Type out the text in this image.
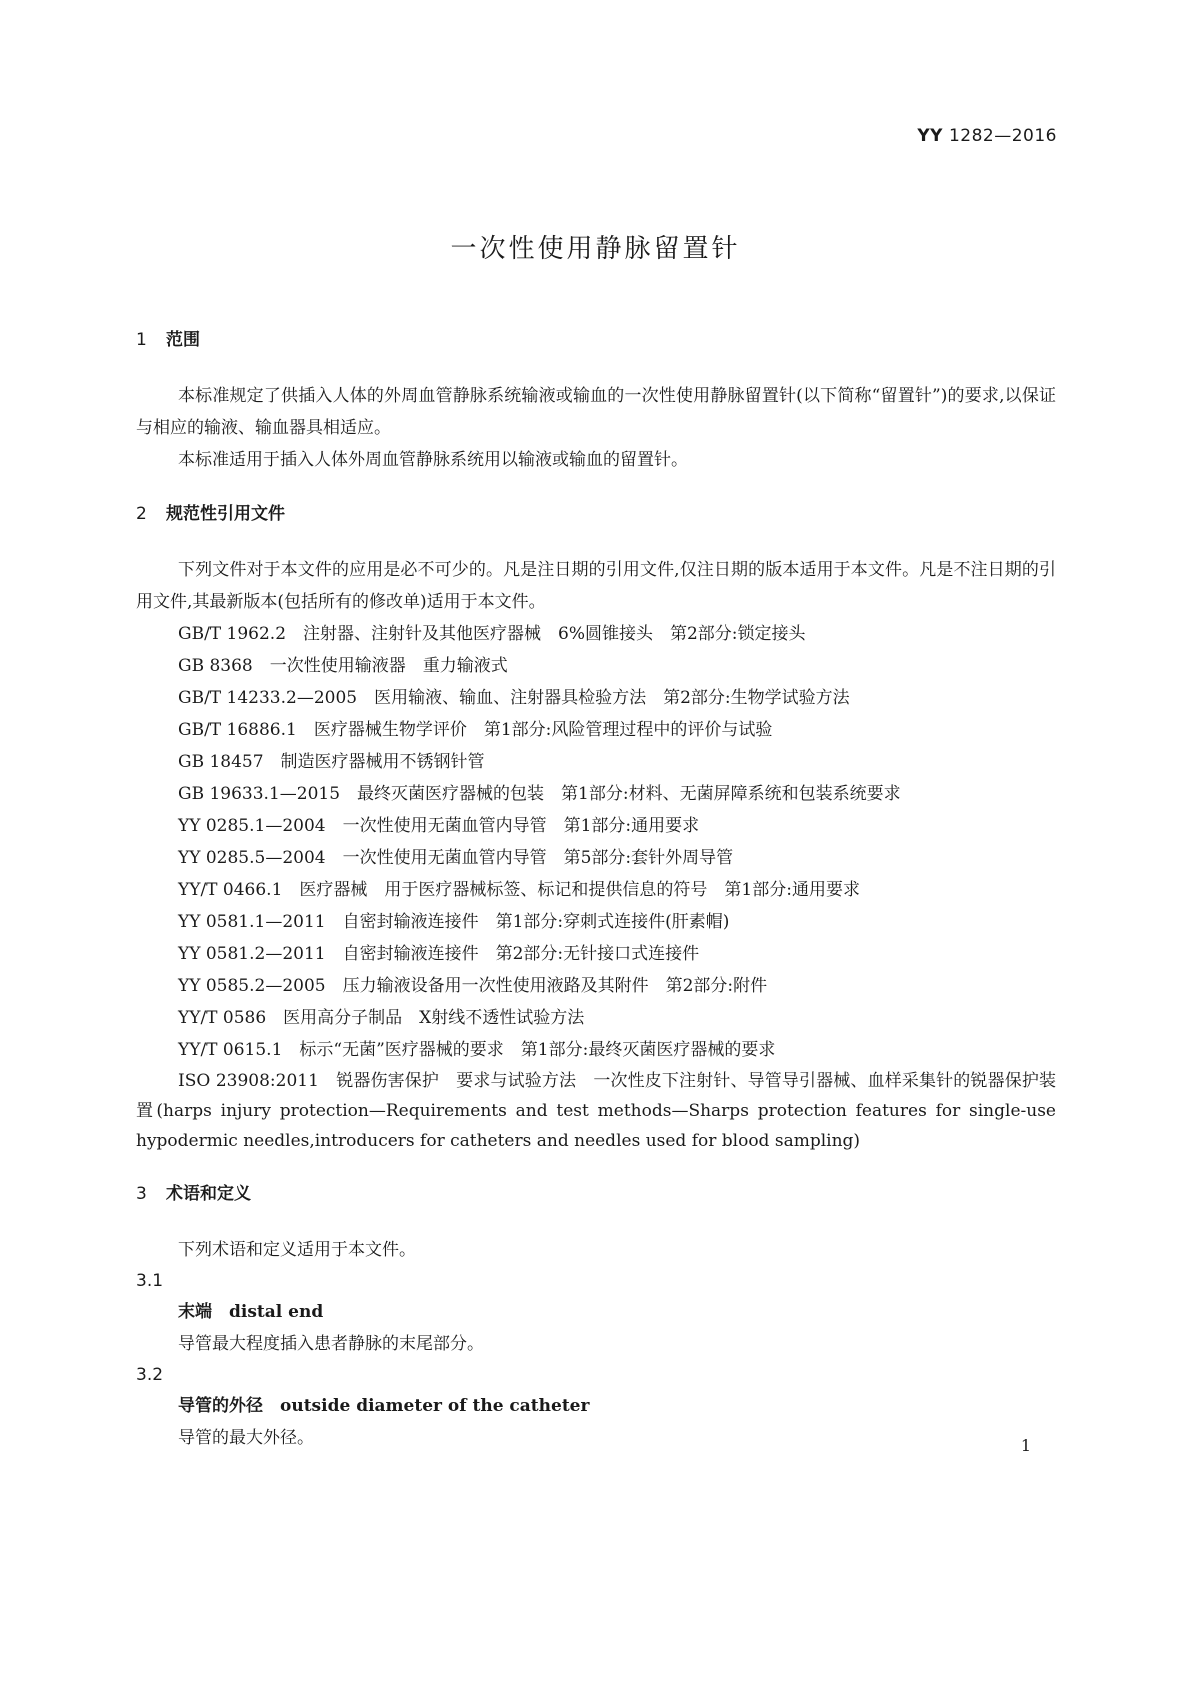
YY 1282—2016
一次性使用静脉留置针
1 范围
本标准规定了供插入人体的外周血管静脉系统输液或输血的一次性使用静脉留置针(以下简称“留置针”)的要求,以保证与相应的输液、输血器具相适应。
本标准适用于插入人体外周血管静脉系统用以输液或输血的留置针。
2 规范性引用文件
下列文件对于本文件的应用是必不可少的。凡是注日期的引用文件,仅注日期的版本适用于本文件。凡是不注日期的引用文件,其最新版本(包括所有的修改单)适用于本文件。
GB/T 1962.2　注射器、注射针及其他医疗器械　6%圆锥接头　第2部分:锁定接头
GB 8368　一次性使用输液器　重力输液式
GB/T 14233.2—2005　医用输液、输血、注射器具检验方法　第2部分:生物学试验方法
GB/T 16886.1　医疗器械生物学评价　第1部分:风险管理过程中的评价与试验
GB 18457　制造医疗器械用不锈钢针管
GB 19633.1—2015　最终灭菌医疗器械的包装　第1部分:材料、无菌屏障系统和包装系统要求
YY 0285.1—2004　一次性使用无菌血管内导管　第1部分:通用要求
YY 0285.5—2004　一次性使用无菌血管内导管　第5部分:套针外周导管
YY/T 0466.1　医疗器械　用于医疗器械标签、标记和提供信息的符号　第1部分:通用要求
YY 0581.1—2011　自密封输液连接件　第1部分:穿刺式连接件(肝素帽)
YY 0581.2—2011　自密封输液连接件　第2部分:无针接口式连接件
YY 0585.2—2005　压力输液设备用一次性使用液路及其附件　第2部分:附件
YY/T 0586　医用高分子制品　X射线不透性试验方法
YY/T 0615.1　标示“无菌”医疗器械的要求　第1部分:最终灭菌医疗器械的要求
ISO 23908:2011　锐器伤害保护　要求与试验方法　一次性皮下注射针、导管导引器械、血样采集针的锐器保护装置(harps injury protection—Requirements and test methods—Sharps protection features for single-use hypodermic needles,introducers for catheters and needles used for blood sampling)
3 术语和定义
下列术语和定义适用于本文件。
3.1
末端  distal end
导管最大程度插入患者静脉的末尾部分。
3.2
导管的外径  outside diameter of the catheter
导管的最大外径。	1
